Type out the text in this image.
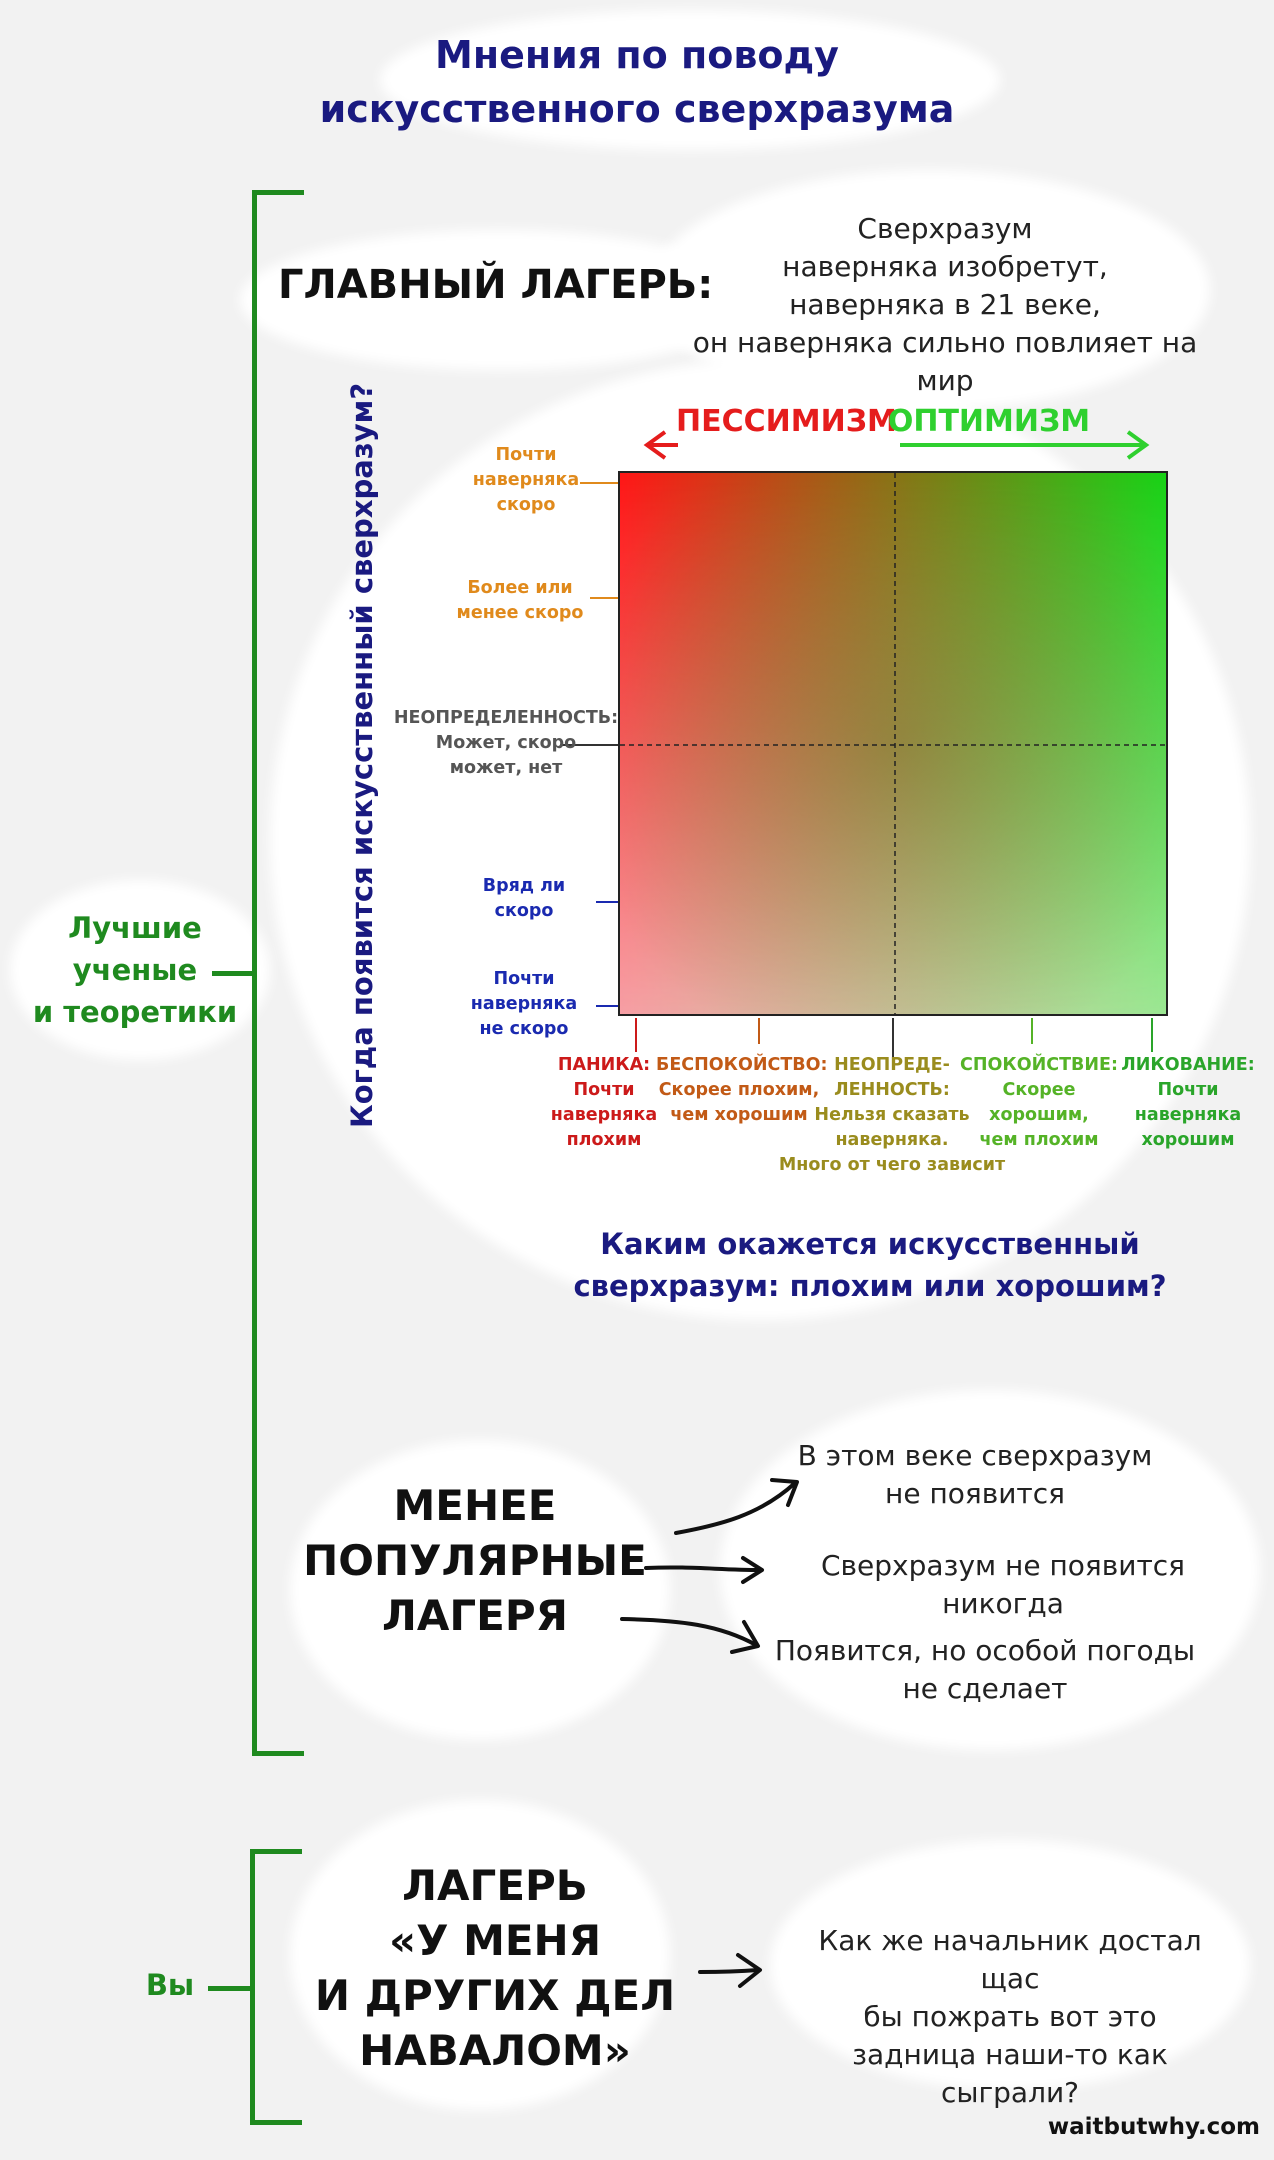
Мнения по поводу
искусственного сверхразума
ГЛАВНЫЙ ЛАГЕРЬ:
Сверхразум
наверняка изобретут,
наверняка в 21 веке,
он наверняка сильно повлияет на мир
Лучшие
ученые
и теоретики
ПЕССИМИЗМ
ОПТИМИЗМ
Почти
наверняка
скоро
Более или
менее скоро
НЕОПРЕДЕЛЕННОСТЬ:
Может, скоро
может, нет
Вряд ли
скоро
Почти
наверняка
не скоро
Когда появится искусственный сверхразум?	ПАНИКА:
Почти
наверняка
плохим
БЕСПОКОЙСТВО:
Скорее плохим,
чем хорошим
НЕОПРЕДЕ-
ЛЕННОСТЬ:
Нельзя сказать
наверняка.
Много от чего зависит
СПОКОЙСТВИЕ:
Скорее хорошим,
чем плохим
ЛИКОВАНИЕ:
Почти
наверняка
хорошим
Каким окажется искусственный
сверхразум: плохим или хорошим?
МЕНЕЕ
ПОПУЛЯРНЫЕ
ЛАГЕРЯ
В этом веке сверхразум
не появится
Сверхразум не появится никогда
Появится, но особой погоды
не сделает
Вы
ЛАГЕРЬ
«У МЕНЯ
И ДРУГИХ ДЕЛ
НАВАЛОМ»
Как же начальник достал щас
бы пожрать вот это
задница наши-то как
сыграли?
waitbutwhy.com
